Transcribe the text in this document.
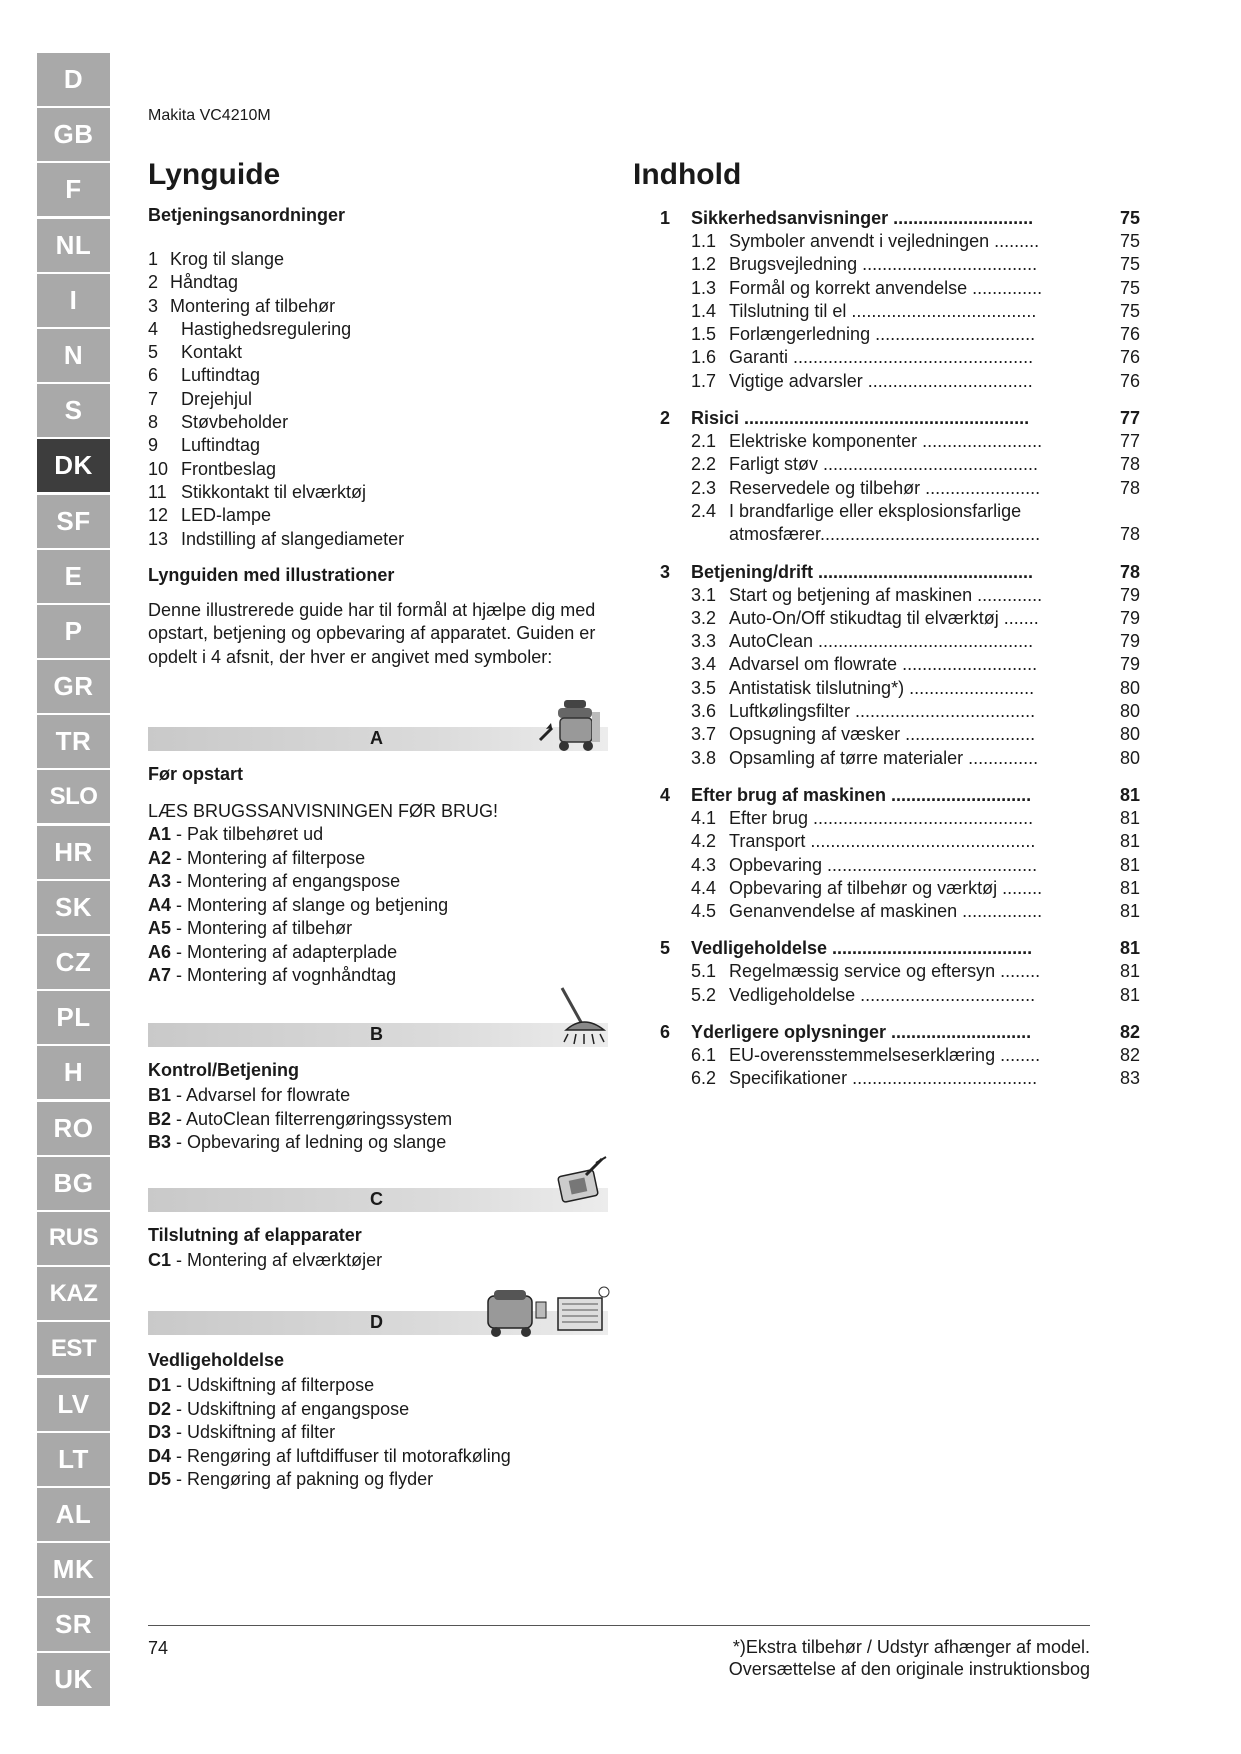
D
GB
F
NL
I
N
S
DK
SF
E
P
GR
TR
SLO
HR
SK
CZ
PL
H
RO
BG
RUS
KAZ
EST
LV
LT
AL
MK
SR
UK
Makita VC4210M
Lynguide
Betjeningsanordninger
1 Krog til slange
2 Håndtag
3 Montering af tilbehør
4 Hastighedsregulering
5 Kontakt
6 Luftindtag
7 Drejehjul
8 Støvbeholder
9 Luftindtag
10 Frontbeslag
11 Stikkontakt til elværktøj
12 LED-lampe
13 Indstilling af slangediameter
Lynguiden med illustrationer
Denne illustrerede guide har til formål at hjælpe dig med opstart, betjening og opbevaring af apparatet. Guiden er opdelt i 4 afsnit, der hver er angivet med symboler:
A
Før opstart
LÆS BRUGSSANVISNINGEN FØR BRUG!
A1 - Pak tilbehøret ud
A2 - Montering af filterpose
A3 - Montering af engangspose
A4 - Montering af slange og betjening
A5 - Montering af tilbehør
A6 - Montering af adapterplade
A7 - Montering af vognhåndtag
B
Kontrol/Betjening
B1 - Advarsel for flowrate
B2 - AutoClean filterrengøringssystem
B3 - Opbevaring af ledning og slange
C
Tilslutning af elapparater
C1 - Montering af elværktøjer
D
Vedligeholdelse
D1 - Udskiftning af filterpose
D2 - Udskiftning af engangspose
D3 - Udskiftning af filter
D4 - Rengøring af luftdiffuser til motorafkøling
D5 - Rengøring af pakning og flyder
Indhold
1	Sikkerhedsanvisninger ............................	75
1.1 Symboler anvendt i vejledningen .........	75
1.2 Brugsvejledning ...................................	75
1.3 Formål og korrekt anvendelse ..............	75
1.4 Tilslutning til el .....................................	75
1.5 Forlængerledning ................................	76
1.6 Garanti ................................................	76
1.7 Vigtige advarsler .................................	76
2	Risici .........................................................	77
2.1 Elektriske komponenter ........................	77
2.2 Farligt støv ...........................................	78
2.3 Reservedele og tilbehør .......................	78
2.4 I brandfarlige eller eksplosionsfarlige
atmosfærer............................................	78
3	Betjening/drift ...........................................	78
3.1 Start og betjening af maskinen .............	79
3.2 Auto-On/Off stikudtag til elværktøj .......	79
3.3 AutoClean ...........................................	79
3.4 Advarsel om flowrate ...........................	79
3.5 Antistatisk tilslutning*) .........................	80
3.6 Luftkølingsfilter ....................................	80
3.7 Opsugning af væsker ..........................	80
3.8 Opsamling af tørre materialer ..............	80
4	Efter brug af maskinen ............................	81
4.1 Efter brug ............................................	81
4.2 Transport .............................................	81
4.3 Opbevaring ..........................................	81
4.4 Opbevaring af tilbehør og værktøj ........	81
4.5 Genanvendelse af maskinen ................	81
5	Vedligeholdelse ........................................	81
5.1 Regelmæssig service og eftersyn ........	81
5.2 Vedligeholdelse ...................................	81
6	Yderligere oplysninger ............................	82
6.1 EU-overensstemmelseserklæring ........	82
6.2 Specifikationer .....................................	83
74	*)Ekstra tilbehør / Udstyr afhænger af model.
Oversættelse af den originale instruktionsbog
